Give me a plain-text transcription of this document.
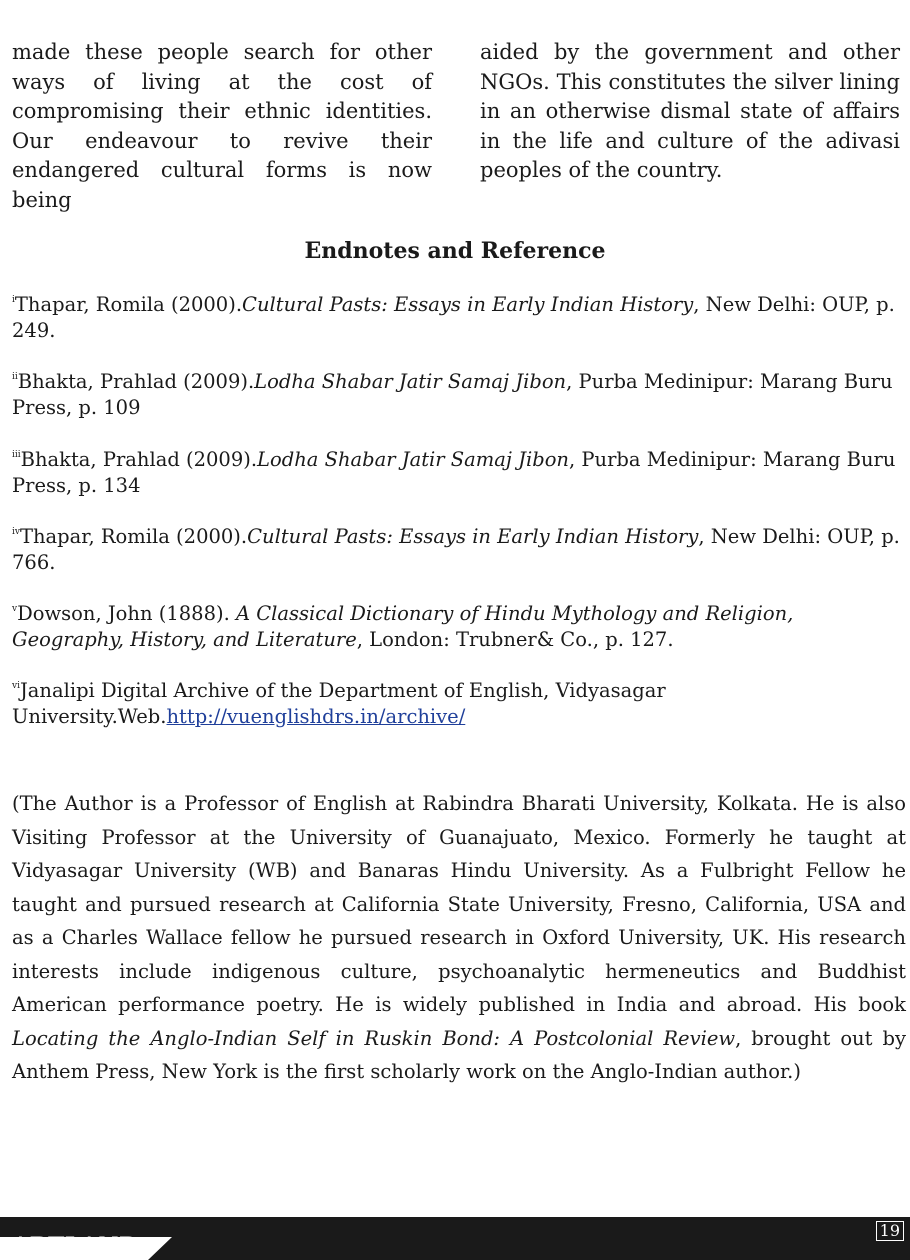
made these people search for other ways of living at the cost of compromising their ethnic identities. Our endeavour to revive their endangered cultural forms is now being

aided by the government and other NGOs. This constitutes the silver lining in an otherwise dismal state of affairs in the life and culture of the adivasi peoples of the country.

Endnotes and Reference

$^i$Thapar, Romila (2000).Cultural Pasts: Essays in Early Indian History, New Delhi: OUP, p. 249.

$^{ii}$Bhakta, Prahlad (2009).Lodha Shabar Jatir Samaj Jibon, Purba Medinipur: Marang Buru Press, p. 109

$^{iii}$Bhakta, Prahlad (2009).Lodha Shabar Jatir Samaj Jibon, Purba Medinipur: Marang Buru Press, p. 134

$^{iv}$Thapar, Romila (2000).Cultural Pasts: Essays in Early Indian History, New Delhi: OUP, p. 766.

$^v$Dowson, John (1888). A Classical Dictionary of Hindu Mythology and Religion, Geography, History, and Literature, London: Trubner& Co., p. 127.

$^{vi}$Janalipi Digital Archive of the Department of English, Vidyasagar University.Web.http://vuenglishdrs.in/archive/

(The Author is a Professor of English at Rabindra Bharati University, Kolkata. He is also Visiting Professor at the University of Guanajuato, Mexico. Formerly he taught at Vidyasagar University (WB) and Banaras Hindu University. As a Fulbright Fellow he taught and pursued research at California State University, Fresno, California, USA and as a Charles Wallace fellow he pursued research in Oxford University, UK. His research interests include indigenous culture, psychoanalytic hermeneutics and Buddhist American performance poetry. He is widely published in India and abroad. His book Locating the Anglo-Indian Self in Ruskin Bond: A Postcolonial Review, brought out by Anthem Press, New York is the first scholarly work on the Anglo-Indian author.)

ARTLAND
19
